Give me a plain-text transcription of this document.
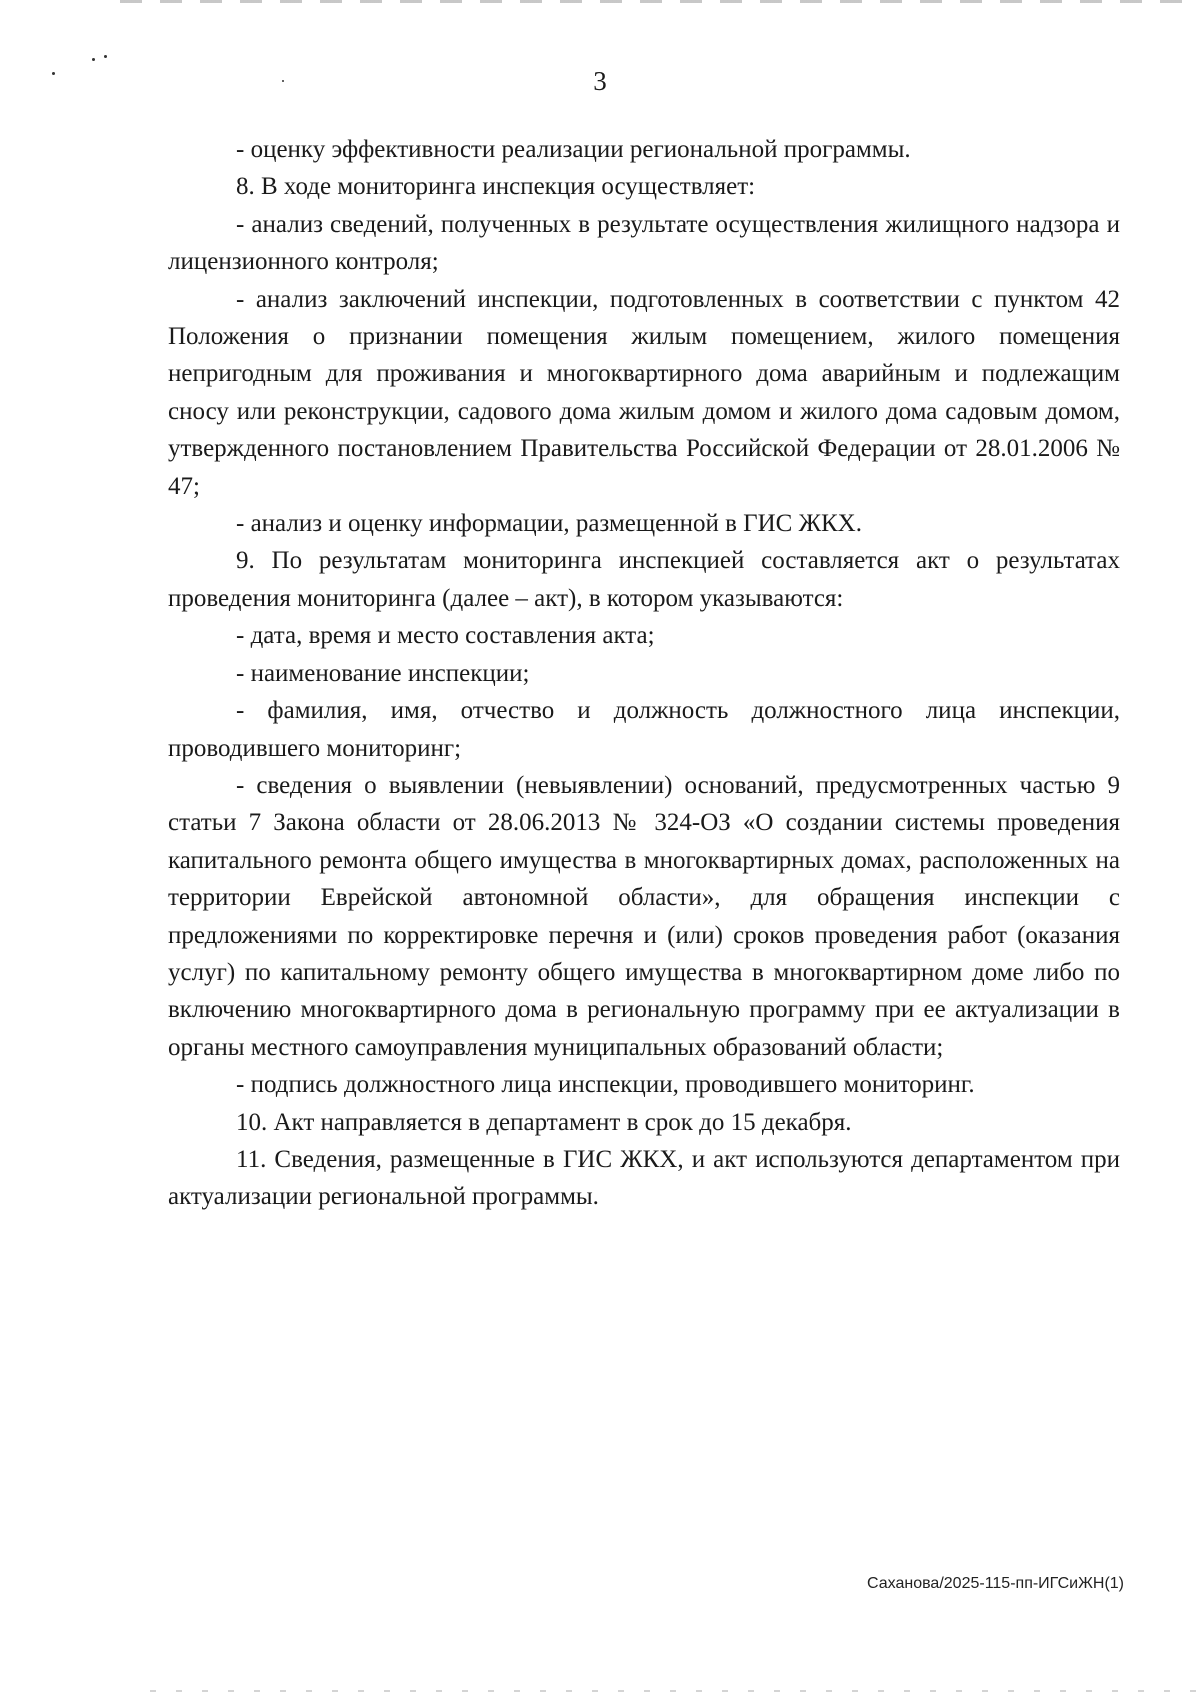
3

- оценку эффективности реализации региональной программы.

8. В ходе мониторинга инспекция осуществляет:

- анализ сведений, полученных в результате осуществления жилищного надзора и лицензионного контроля;

- анализ заключений инспекции, подготовленных в соответствии с пунктом 42 Положения о признании помещения жилым помещением, жилого помещения непригодным для проживания и многоквартирного дома аварийным и подлежащим сносу или реконструкции, садового дома жилым домом и жилого дома садовым домом, утвержденного постановлением Правительства Российской Федерации от 28.01.2006 № 47;

- анализ и оценку информации, размещенной в ГИС ЖКХ.

9. По результатам мониторинга инспекцией составляется акт о результатах проведения мониторинга (далее – акт), в котором указываются:

- дата, время и место составления акта;

- наименование инспекции;

- фамилия, имя, отчество и должность должностного лица инспекции, проводившего мониторинг;

- сведения о выявлении (невыявлении) оснований, предусмотренных частью 9 статьи 7 Закона области от 28.06.2013 № 324-ОЗ «О создании системы проведения капитального ремонта общего имущества в многоквартирных домах, расположенных на территории Еврейской автономной области», для обращения инспекции с предложениями по корректировке перечня и (или) сроков проведения работ (оказания услуг) по капитальному ремонту общего имущества в многоквартирном доме либо по включению многоквартирного дома в региональную программу при ее актуализации в органы местного самоуправления муниципальных образований области;

- подпись должностного лица инспекции, проводившего мониторинг.

10. Акт направляется в департамент в срок до 15 декабря.

11. Сведения, размещенные в ГИС ЖКХ, и акт используются департаментом при актуализации региональной программы.

Саханова/2025-115-пп-ИГСиЖН(1)
